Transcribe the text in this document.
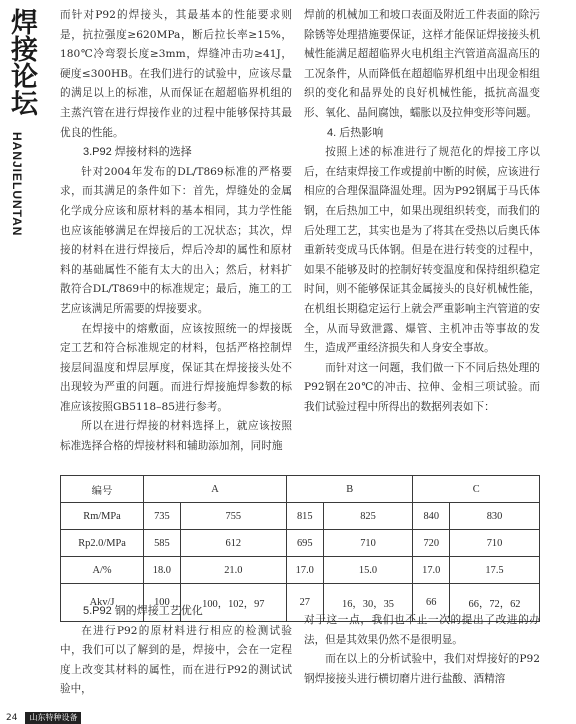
焊接论坛
HANJIELUNTAN

而针对P92的焊接头，其最基本的性能要求则是，抗拉强度≥620MPa，断后拉长率≥15%，180℃冷弯裂长度≥3mm，焊缝冲击功≥41J，硬度≤300HB。在我们进行的试验中，应该尽量的满足以上的标准，从而保证在超超临界机组的主蒸汽管在进行焊接作业的过程中能够保持其最优良的性能。

3.P92 焊接材料的选择

针对2004年发布的DL/T869标准的严格要求，而其满足的条件如下：首先，焊缝处的金属化学成分应该和原材料的基本相同，其力学性能也应该能够满足在焊接后的工况状态；其次，焊接的材料在进行焊接后，焊后冷却的属性和原材料的基础属性不能有太大的出入；然后，材料扩散符合DL/T869中的标准规定；最后，施工的工艺应该满足所需要的焊接要求。

在焊接中的熔敷面，应该按照统一的焊接既定工艺和符合标准规定的材料，包括严格控制焊接层间温度和焊层厚度，保证其在焊接接头处不出现较为严重的问题。而进行焊接施焊参数的标准应该按照GB5118–85进行参考。

所以在进行焊接的材料选择上，就应该按照标准选择合格的焊接材料和辅助添加剂，同时施

焊前的机械加工和坡口表面及附近工件表面的除污除锈等处理措施要保证，这样才能保证焊接接头机械性能满足超超临界火电机组主汽管道高温高压的工况条件，从而降低在超超临界机组中出现金相组织的变化和晶界处的良好机械性能，抵抗高温变形、氧化、晶间腐蚀，蠕胀以及拉伸变形等问题。

4. 后热影响

按照上述的标准进行了规范化的焊接工序以后，在结束焊接工作或提前中断的时候，应该进行相应的合理保温降温处理。因为P92钢属于马氏体钢，在后热加工中，如果出现组织转变，而我们的后处理工艺，其实也是为了将其在受热以后奥氏体重新转变成马氏体钢。但是在进行转变的过程中，如果不能够及时的控制好转变温度和保持组织稳定时间，则不能够保证其金属接头的良好机械性能，在机组长期稳定运行上就会严重影响主汽管道的安全，从而导致泄露、爆管、主机冲击等事故的发生，造成严重经济损失和人身安全事故。

而针对这一问题，我们做一下不同后热处理的P92钢在20℃的冲击、拉伸、金相三项试验。而我们试验过程中所得出的数据列表如下：

编号	A		B		C	
Rm/MPa	735	755	815	825	840	830
Rp2.0/MPa	585	612	695	710	720	710
A/%	18.0	21.0	17.0	15.0	17.0	17.5
Akv/J	100	100，102，97	27	16，30，35	66	66，72，62
5.P92 钢的焊接工艺优化

在进行P92的原材料进行相应的检测试验中，我们可以了解到的是，焊接中，会在一定程度上改变其材料的属性，而在进行P92的测试试验中，

对于这一点，我们也不止一次的提出了改进的办法，但是其效果仍然不是很明显。

而在以上的分析试验中，我们对焊接好的P92钢焊接接头进行横切磨片进行盐酸、酒精溶

24	山东特种设备
